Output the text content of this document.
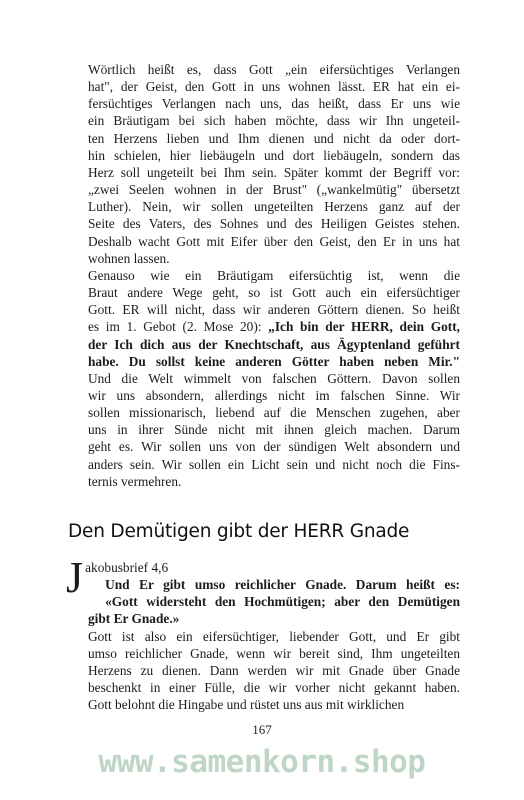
Wörtlich heißt es, dass Gott „ein eifersüchtiges Verlangen
hat", der Geist, den Gott in uns wohnen lässt. ER hat ein ei-
fersüchtiges Verlangen nach uns, das heißt, dass Er uns wie
ein Bräutigam bei sich haben möchte, dass wir Ihn ungeteil-
ten Herzens lieben und Ihm dienen und nicht da oder dort-
hin schielen, hier liebäugeln und dort liebäugeln, sondern das
Herz soll ungeteilt bei Ihm sein. Später kommt der Begriff vor:
„zwei Seelen wohnen in der Brust" („wankelmütig" übersetzt
Luther). Nein, wir sollen ungeteilten Herzens ganz auf der
Seite des Vaters, des Sohnes und des Heiligen Geistes stehen.
Deshalb wacht Gott mit Eifer über den Geist, den Er in uns hat
wohnen lassen.

Genauso wie ein Bräutigam eifersüchtig ist, wenn die
Braut andere Wege geht, so ist Gott auch ein eifersüchtiger
Gott. ER will nicht, dass wir anderen Göttern dienen. So heißt
es im 1. Gebot (2. Mose 20): „Ich bin der HERR, dein Gott,
der Ich dich aus der Knechtschaft, aus Ägyptenland geführt
habe. Du sollst keine anderen Götter haben neben Mir."
Und die Welt wimmelt von falschen Göttern. Davon sollen
wir uns absondern, allerdings nicht im falschen Sinne. Wir
sollen missionarisch, liebend auf die Menschen zugehen, aber
uns in ihrer Sünde nicht mit ihnen gleich machen. Darum
geht es. Wir sollen uns von der sündigen Welt absondern und
anders sein. Wir sollen ein Licht sein und nicht noch die Fins-
ternis vermehren.

Den Demütigen gibt der HERR Gnade
J akobusbrief 4,6

Und Er gibt umso reichlicher Gnade. Darum heißt es:
«Gott widersteht den Hochmütigen; aber den Demütigen
gibt Er Gnade.»

Gott ist also ein eifersüchtiger, liebender Gott, und Er gibt
umso reichlicher Gnade, wenn wir bereit sind, Ihm ungeteilten
Herzens zu dienen. Dann werden wir mit Gnade über Gnade
beschenkt in einer Fülle, die wir vorher nicht gekannt haben.
Gott belohnt die Hingabe und rüstet uns aus mit wirklichen

167
www.samenkorn.shop
